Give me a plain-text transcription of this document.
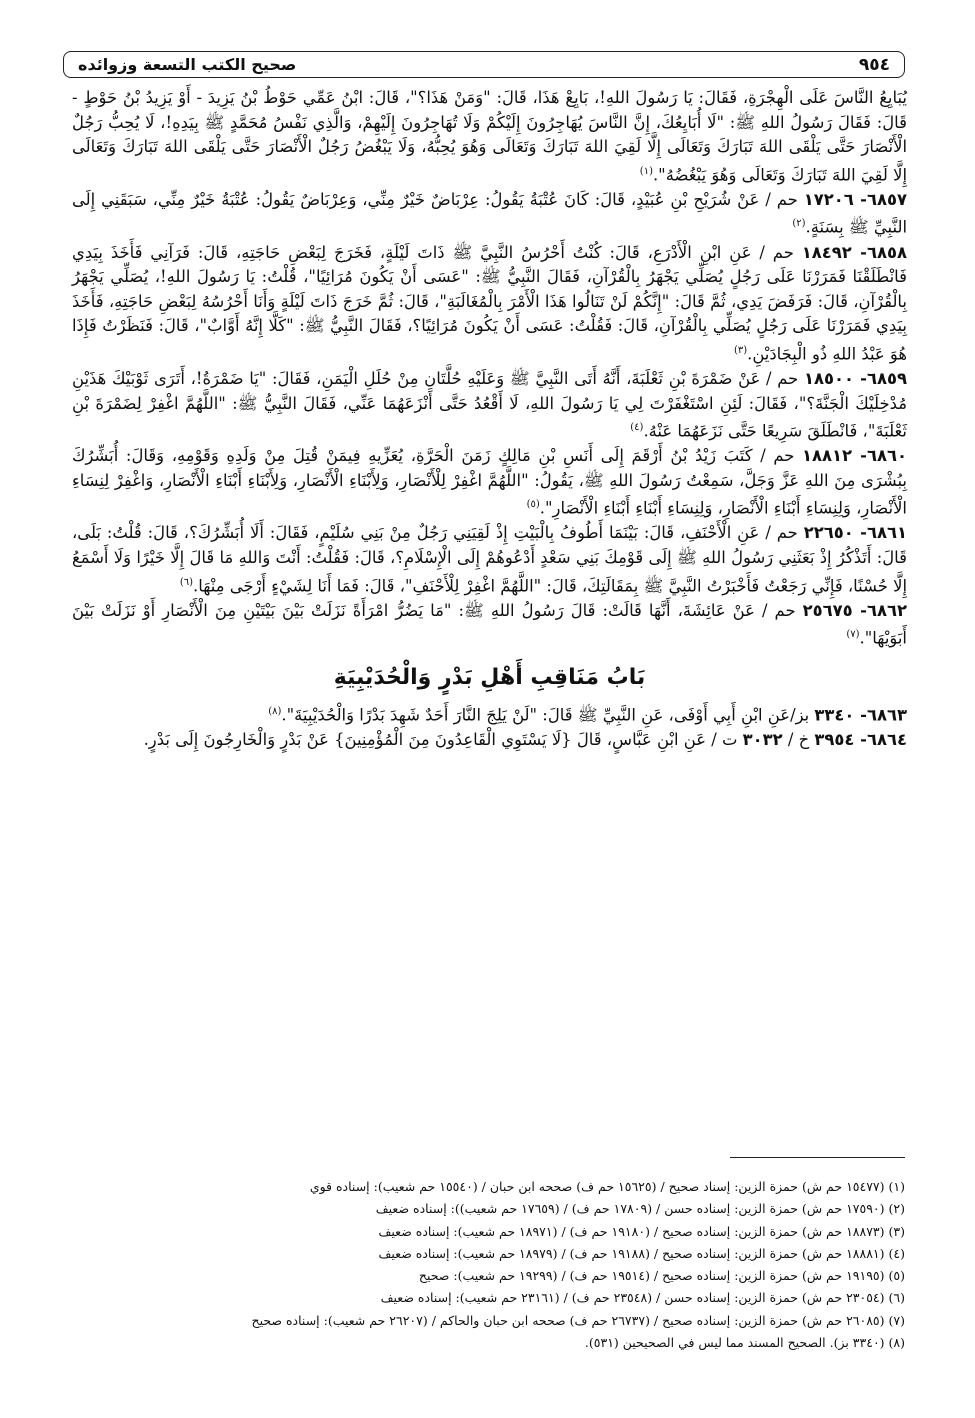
٩٥٤
صحيح الكتب التسعة وزوائده

يُبَايِعُ النَّاسَ عَلَى الْهِجْرَةِ، فَقَالَ: يَا رَسُولَ اللهِ!، بَايِعْ هَذَا، قَالَ: "وَمَنْ هَذَا؟"، قَالَ: ابْنُ عَمِّي حَوْطُ بْنُ يَزِيدَ - أَوْ يَزِيدُ بْنُ حَوْطٍ - قَالَ: فَقَالَ رَسُولُ اللهِ ﷺ: "لَا أُبَايِعُكَ، إِنَّ النَّاسَ يُهَاجِرُونَ إِلَيْكُمْ وَلَا تُهَاجِرُونَ إِلَيْهِمْ، وَالَّذِي نَفْسُ مُحَمَّدٍ ﷺ بِيَدِهِ!، لَا يُحِبُّ رَجُلٌ الْأَنْصَارَ حَتَّى يَلْقَى اللهَ تَبَارَكَ وَتَعَالَى إِلَّا لَقِيَ اللهَ تَبَارَكَ وَتَعَالَى وَهُوَ يُحِبُّهُ، وَلَا يَبْغُضُ رَجُلٌ الْأَنْصَارَ حَتَّى يَلْقَى اللهَ تَبَارَكَ وَتَعَالَى إِلَّا لَقِيَ اللهَ تَبَارَكَ وَتَعَالَى وَهُوَ يَبْغُضُهُ".$^{(١)}$

٦٨٥٧- ١٧٢٠٦ حم / عَنْ شُرَيْحِ بْنِ عُبَيْدٍ، قَالَ: كَانَ عُتْبَةُ يَقُولُ: عِرْبَاضٌ خَيْرٌ مِنِّي، وَعِرْبَاضٌ يَقُولُ: عُتْبَةُ خَيْرٌ مِنِّي، سَبَقَنِي إِلَى النَّبِيِّ ﷺ بِسَنَةٍ.$^{(٢)}$

٦٨٥٨- ١٨٤٩٢ حم / عَنِ ابْنِ الْأَدْرَعِ، قَالَ: كُنْتُ أَحْرُسُ النَّبِيَّ ﷺ ذَاتَ لَيْلَةٍ، فَخَرَجَ لِبَعْضِ حَاجَتِهِ، قَالَ: فَرَآنِي فَأَخَذَ بِيَدِي فَانْطَلَقْنَا فَمَرَرْنَا عَلَى رَجُلٍ يُصَلِّي يَجْهَرُ بِالْقُرْآنِ، فَقَالَ النَّبِيُّ ﷺ: "عَسَى أَنْ يَكُونَ مُرَائِيًا"، قُلْتُ: يَا رَسُولَ اللهِ!، يُصَلِّي يَجْهَرُ بِالْقُرْآنِ، قَالَ: فَرَفَضَ يَدِي، ثُمَّ قَالَ: "إِنَّكُمْ لَنْ تَنَالُوا هَذَا الْأَمْرَ بِالْمُغَالَبَةِ"، قَالَ: ثُمَّ خَرَجَ ذَاتَ لَيْلَةٍ وَأَنَا أَحْرُسُهُ لِبَعْضِ حَاجَتِهِ، فَأَخَذَ بِيَدِي فَمَرَرْنَا عَلَى رَجُلٍ يُصَلِّي بِالْقُرْآنِ، قَالَ: فَقُلْتُ: عَسَى أَنْ يَكُونَ مُرَائِيًا؟، فَقَالَ النَّبِيُّ ﷺ: "كَلَّا إِنَّهُ أَوَّابٌ"، قَالَ: فَنَظَرْتُ فَإِذَا هُوَ عَبْدُ اللهِ ذُو الْبِجَادَيْنِ.$^{(٣)}$

٦٨٥٩- ١٨٥٠٠ حم / عَنْ ضَمْرَةَ بْنِ ثَعْلَبَةَ، أَنَّهُ أَتَى النَّبِيَّ ﷺ وَعَلَيْهِ حُلَّتَانِ مِنْ حُلَلِ الْيَمَنِ، فَقَالَ: "يَا ضَمْرَةُ!، أَتَرَى ثَوْبَيْكَ هَذَيْنِ مُدْخِلَيْكَ الْجَنَّةَ؟"، فَقَالَ: لَئِنِ اسْتَغْفَرْتَ لِي يَا رَسُولَ اللهِ، لَا أَقْعُدُ حَتَّى أَنْزَعَهُمَا عَنِّي، فَقَالَ النَّبِيُّ ﷺ: "اللَّهُمَّ اغْفِرْ لِضَمْرَةَ بْنِ ثَعْلَبَةَ"، فَانْطَلَقَ سَرِيعًا حَتَّى نَزَعَهُمَا عَنْهُ.$^{(٤)}$

٦٨٦٠- ١٨٨١٢ حم / كَتَبَ زَيْدُ بْنُ أَرْقَمَ إِلَى أَنَسِ بْنِ مَالِكٍ زَمَنَ الْحَرَّةِ، يُعَزِّيهِ فِيمَنْ قُتِلَ مِنْ وَلَدِهِ وَقَوْمِهِ، وَقَالَ: أُبَشِّرُكَ بِبُشْرَى مِنَ اللهِ عَزَّ وَجَلَّ، سَمِعْتُ رَسُولَ اللهِ ﷺ، يَقُولُ: "اللَّهُمَّ اغْفِرْ لِلْأَنْصَارِ، وَلِأَبْنَاءِ الْأَنْصَارِ، وَلِأَبْنَاءِ أَبْنَاءِ الْأَنْصَارِ، وَاغْفِرْ لِنِسَاءِ الْأَنْصَارِ، وَلِنِسَاءِ أَبْنَاءِ الْأَنْصَارِ، وَلِنِسَاءِ أَبْنَاءِ أَبْنَاءِ الْأَنْصَارِ".$^{(٥)}$

٦٨٦١- ٢٢٦٥٠ حم / عَنِ الْأَحْنَفِ، قَالَ: بَيْنَمَا أَطُوفُ بِالْبَيْتِ إِذْ لَقِيَنِي رَجُلٌ مِنْ بَنِي سُلَيْمٍ، فَقَالَ: أَلَا أُبَشِّرُكَ؟، قَالَ: قُلْتُ: بَلَى، قَالَ: أَتَذْكُرُ إِذْ بَعَثَنِي رَسُولُ اللهِ ﷺ إِلَى قَوْمِكَ بَنِي سَعْدٍ أَدْعُوهُمْ إِلَى الْإِسْلَامِ؟، قَالَ: فَقُلْتُ: أَنْتَ وَاللهِ مَا قَالَ إِلَّا خَيْرًا وَلَا أَسْمَعُ إِلَّا حُسْنًا، فَإِنِّي رَجَعْتُ فَأَخْبَرْتُ النَّبِيَّ ﷺ بِمَقَالَتِكَ، قَالَ: "اللَّهُمَّ اغْفِرْ لِلْأَحْنَفِ"، قَالَ: فَمَا أَنَا لِشَيْءٍ أَرْجَى مِنْهَا.$^{(٦)}$

٦٨٦٢- ٢٥٦٧٥ حم / عَنْ عَائِشَةَ، أَنَّهَا قَالَتْ: قَالَ رَسُولُ اللهِ ﷺ: "مَا يَضُرُّ امْرَأَةً نَزَلَتْ بَيْنَ بَيْتَيْنِ مِنَ الْأَنْصَارِ أَوْ نَزَلَتْ بَيْنَ أَبَوَيْهَا".$^{(٧)}$

بَابُ مَنَاقِبِ أَهْلِ بَدْرٍ وَالْحُدَيْبِيَةِ

٦٨٦٣- ٣٣٤٠ بز/عَنِ ابْنِ أَبِي أَوْفَى، عَنِ النَّبِيِّ ﷺ قَالَ: "لَنْ يَلِجَ النَّارَ أَحَدٌ شَهِدَ بَدْرًا وَالْحُدَيْبِيَةَ".$^{(٨)}$

٦٨٦٤- ٣٩٥٤ خ / ٣٠٣٢ ت / عَنِ ابْنِ عَبَّاسٍ، قَالَ {لَا يَسْتَوِي الْقَاعِدُونَ مِنَ الْمُؤْمِنِينَ} عَنْ بَدْرٍ وَالْخَارِجُونَ إِلَى بَدْرٍ.

(١) (١٥٤٧٧ حم ش) حمزة الزين: إسناد صحيح / (١٥٦٢٥ حم ف) صححه ابن حبان / (١٥٥٤٠ حم شعيب): إسناده قوي
(٢) (١٧٥٩٠ حم ش) حمزة الزين: إسناده حسن / (١٧٨٠٩ حم ف) / (١٧٦٥٩ حم شعيب)): إسناده ضعيف
(٣) (١٨٨٧٣ حم ش) حمزة الزين: إسناده صحيح / (١٩١٨٠ حم ف) / (١٨٩٧١ حم شعيب): إسناده ضعيف
(٤) (١٨٨٨١ حم ش) حمزة الزين: إسناده صحيح / (١٩١٨٨ حم ف) / (١٨٩٧٩ حم شعيب): إسناده ضعيف
(٥) (١٩١٩٥ حم ش) حمزة الزين: إسناده صحيح / (١٩٥١٤ حم ف) / (١٩٢٩٩ حم شعيب): صحيح
(٦) (٢٣٠٥٤ حم ش) حمزة الزين: إسناده حسن / (٢٣٥٤٨ حم ف) / (٢٣١٦١ حم شعيب): إسناده ضعيف
(٧) (٢٦٠٨٥ حم ش) حمزة الزين: إسناده صحيح / (٢٦٧٣٧ حم ف) صححه ابن حبان والحاكم / (٢٦٢٠٧ حم شعيب): إسناده صحيح
(٨) (٣٣٤٠ بز). الصحيح المسند مما ليس في الصحيحين (٥٣١).
